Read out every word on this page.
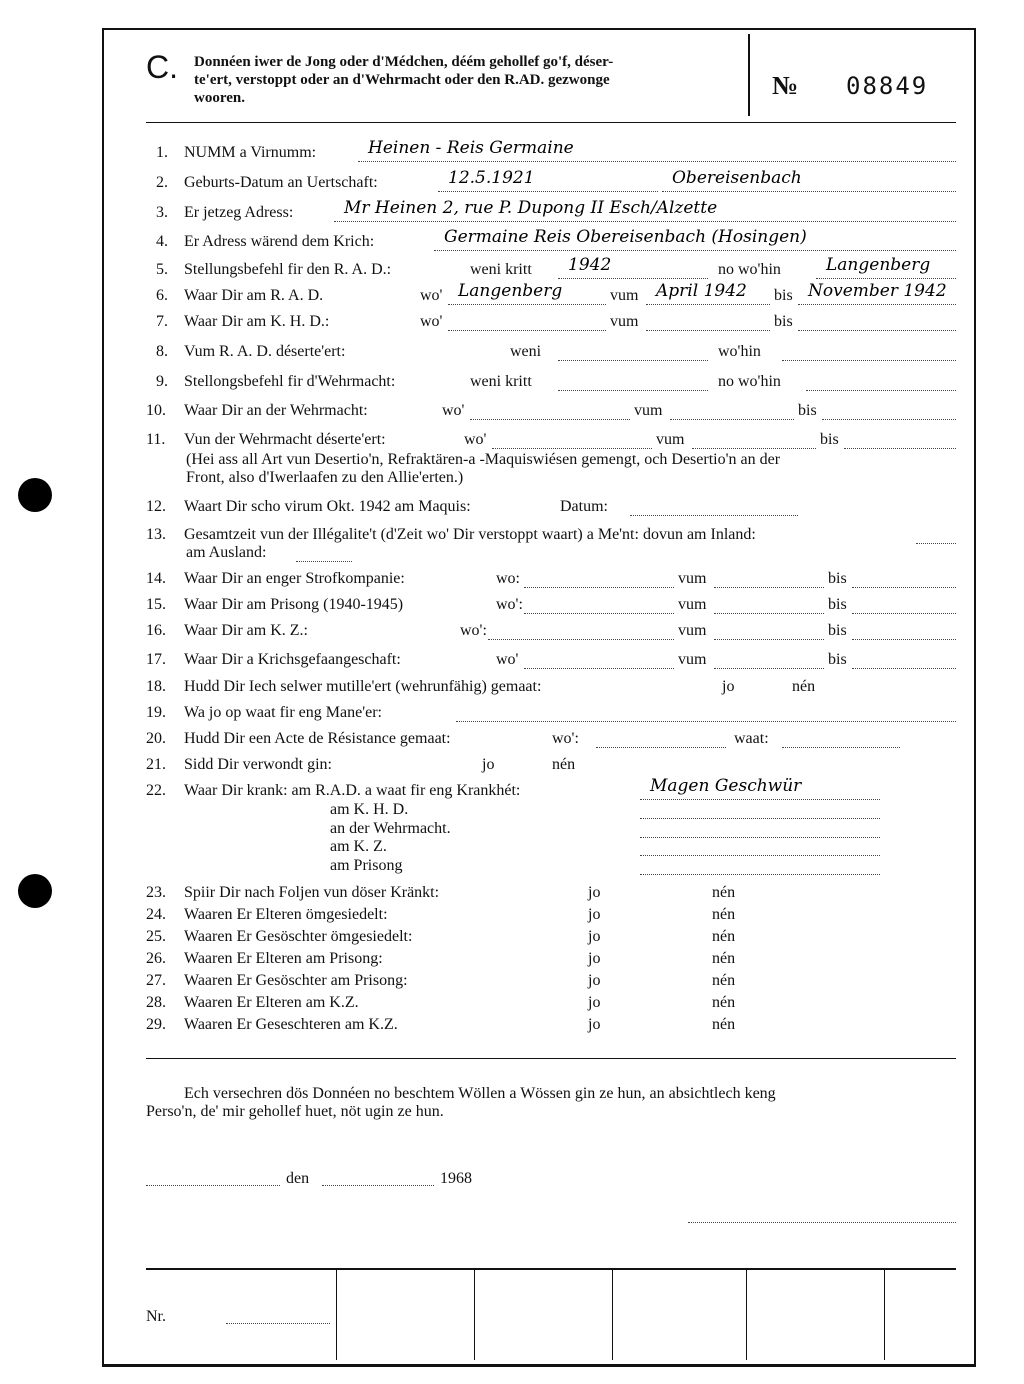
C. Donnéen iwer de Jong oder d'Médchen, déém gehollef go'f, déser-
te'ert, verstoppt oder an d'Wehrmacht oder den R.AD. gezwonge
wooren.	№ 08849
1. NUMM a Virnumm:	Heinen - Reis Germaine
2. Geburts-Datum an Uertschaft:	12.5.1921	Obereisenbach
3. Er jetzeg Adress:	Mr Heinen 2, rue P. Dupong II Esch/Alzette
4. Er Adress wärend dem Krich:	Germaine Reis Obereisenbach (Hosingen)
5. Stellungsbefehl fir den R. A. D.:	weni kritt 1942	no wo'hin	Langenberg
6. Waar Dir am R. A. D.	wo' Langenberg	vum April 1942 bis November 1942
7. Waar Dir am K. H. D.:	wo'	vum	bis
8. Vum R. A. D. déserte'ert:	weni	wo'hin
9. Stellongsbefehl fir d'Wehrmacht:	weni kritt	no wo'hin
10. Waar Dir an der Wehrmacht:	wo'	vum	bis
11. Vun der Wehrmacht déserte'ert:	wo'	vum	bis
(Hei ass all Art vun Desertio'n, Refraktären-a -Maquiswiésen gemengt, och Desertio'n an der
Front, also d'Iwerlaafen zu den Allie'erten.)
12. Waart Dir scho virum Okt. 1942 am Maquis:	Datum:
13. Gesamtzeit vun der Illégalite't (d'Zeit wo' Dir verstoppt waart) a Me'nt: dovun am Inland:
am Ausland:
14. Waar Dir an enger Strofkompanie:	wo:	vum	bis
15. Waar Dir am Prisong (1940-1945)	wo':	vum	bis
16. Waar Dir am K. Z.:	wo':	vum	bis
17. Waar Dir a Krichsgefaangeschaft:	wo'	vum	bis
18. Hudd Dir Iech selwer mutille'ert (wehrunfähig) gemaat:	jo	nén
19. Wa jo op waat fir eng Mane'er:
20. Hudd Dir een Acte de Résistance gemaat:	wo':	waat:
21. Sidd Dir verwondt gin:	jo	nén
22. Waar Dir krank: am R.A.D. a waat fir eng Krankhét:	Magen Geschwür
am K. H. D.
an der Wehrmacht.
am K. Z.
am Prisong
23. Spiir Dir nach Foljen vun döser Kränkt:	jo	nén
24. Waaren Er Elteren ömgesiedelt:	jo	nén
25. Waaren Er Gesöschter ömgesiedelt:	jo	nén
26. Waaren Er Elteren am Prisong:	jo	nén
27. Waaren Er Gesöschter am Prisong:	jo	nén
28. Waaren Er Elteren am K.Z.	jo	nén
29. Waaren Er Geseschteren am K.Z.	jo	nén
Ech versechren dös Donnéen no beschtem Wöllen a Wössen gin ze hun, an absichtlech keng
Perso'n, de' mir gehollef huet, nöt ugin ze hun.
den	1968
Nr.
